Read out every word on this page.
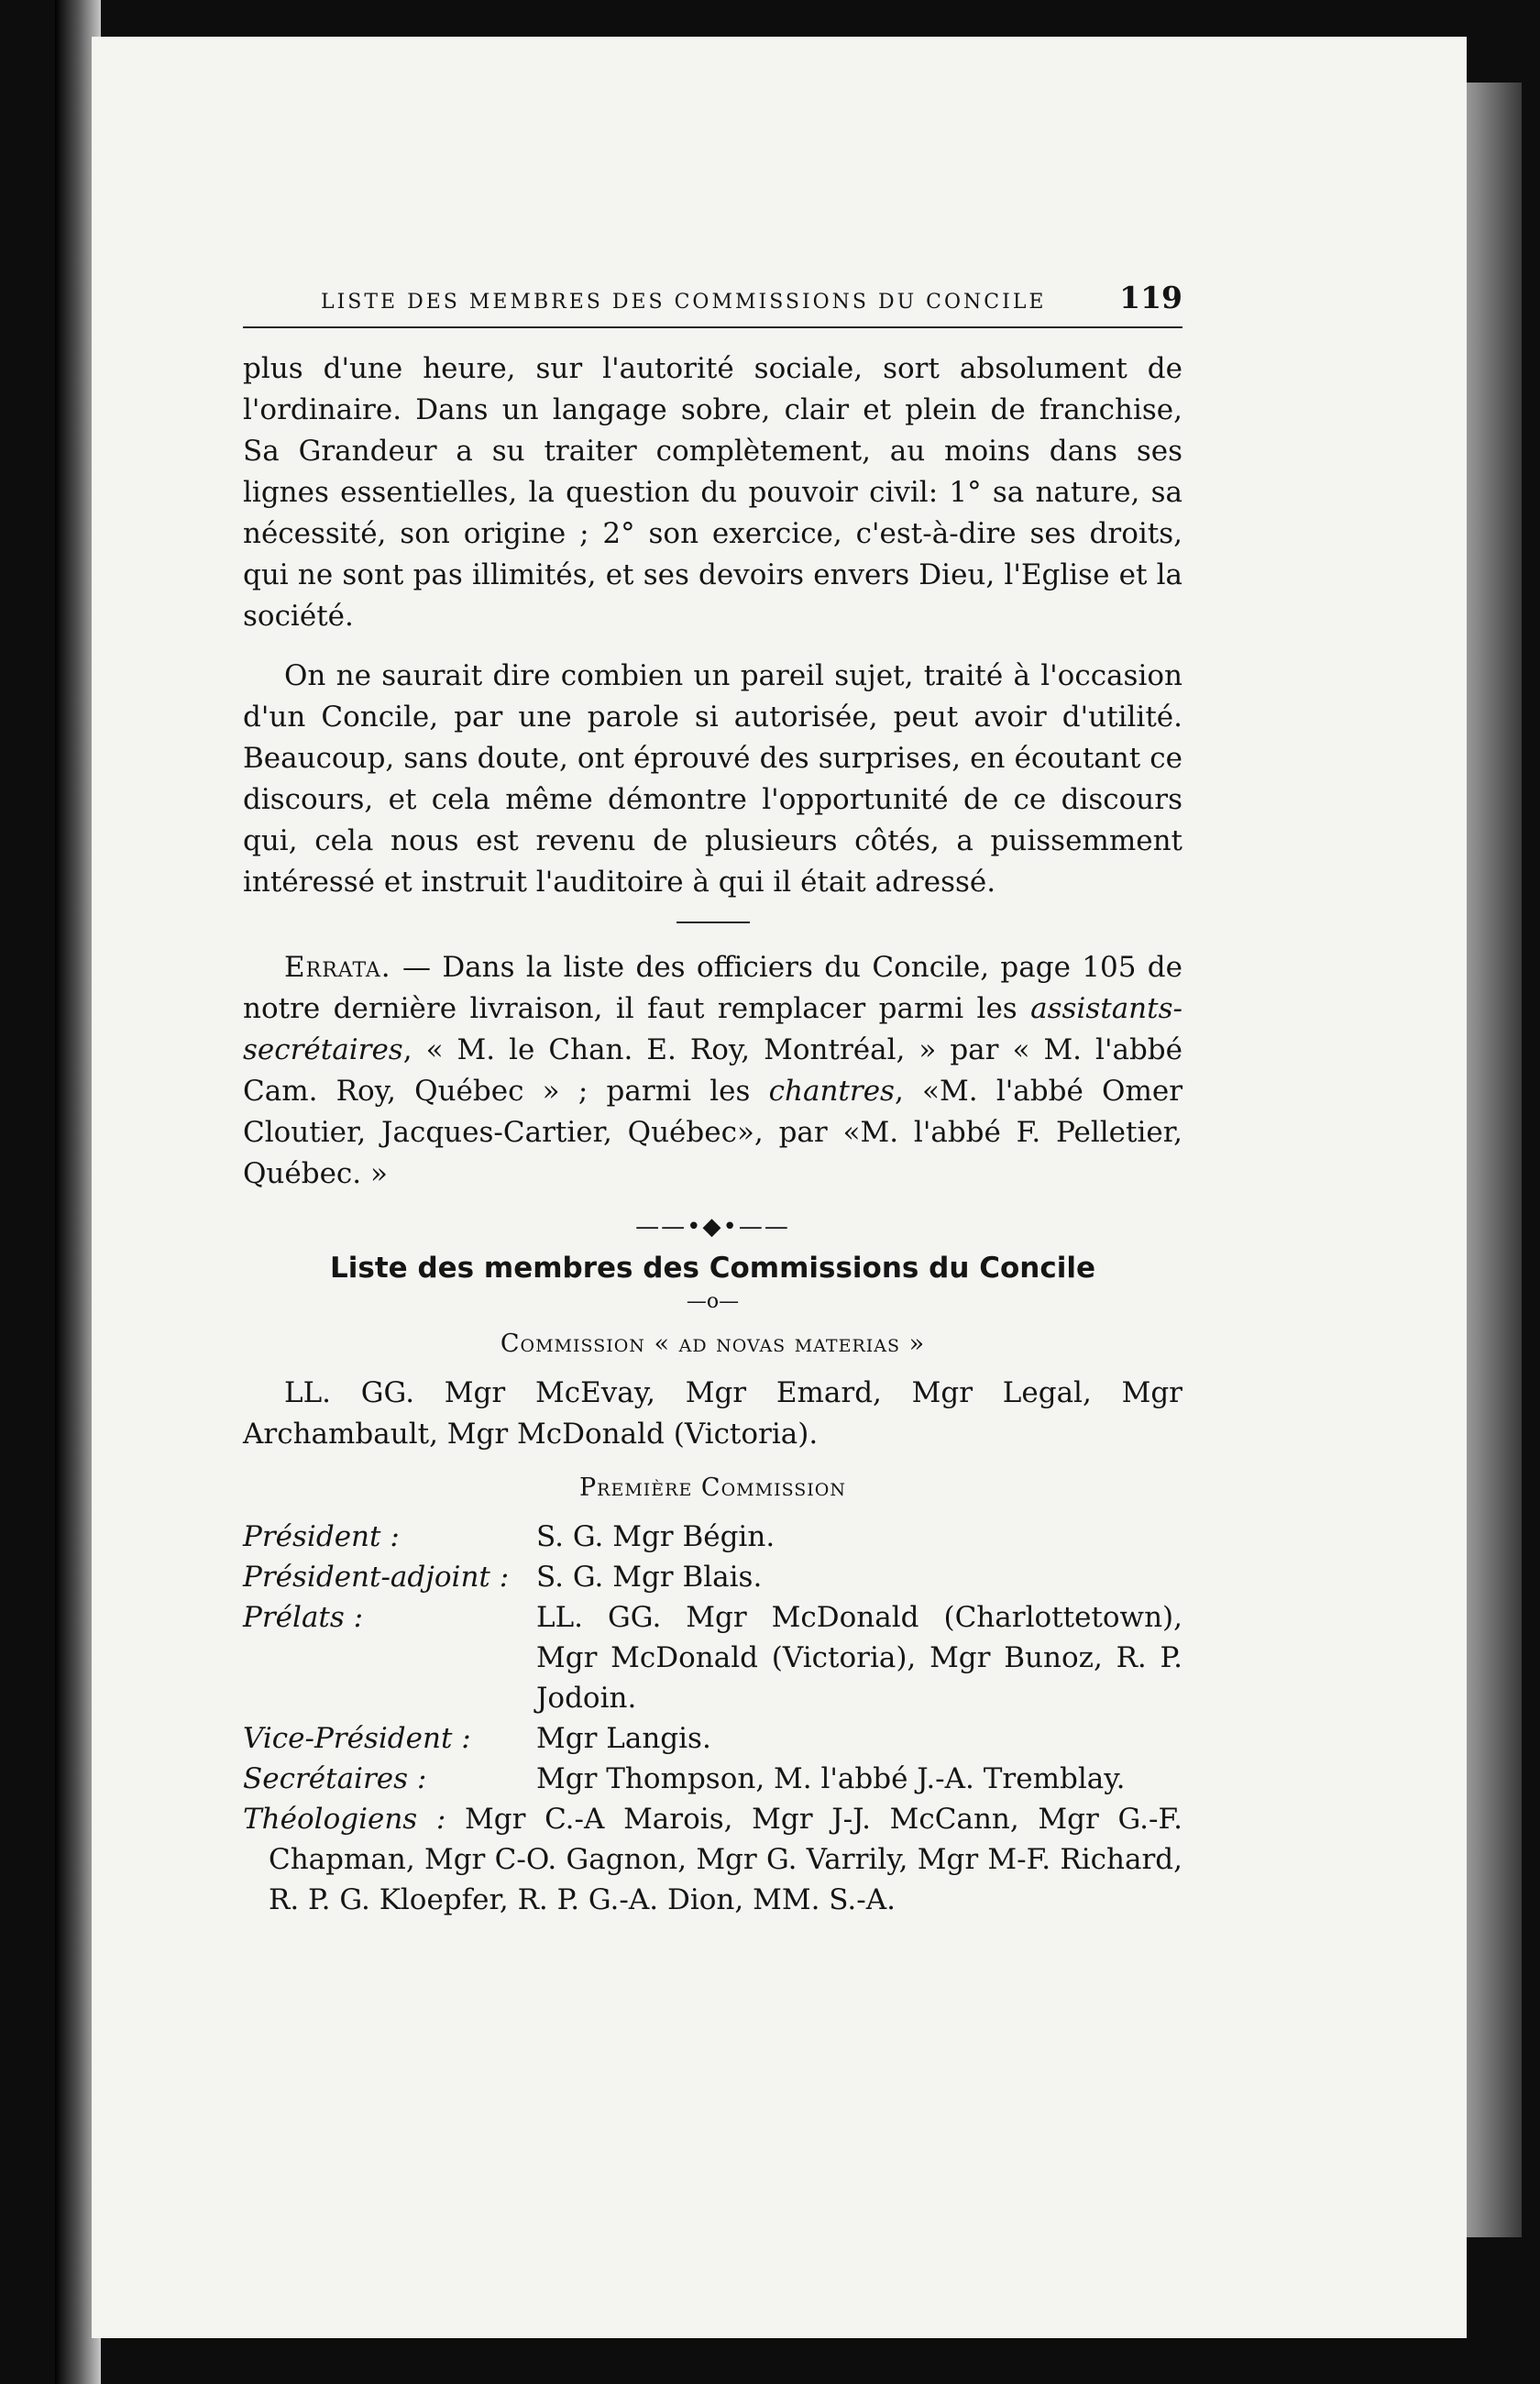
LISTE DES MEMBRES DES COMMISSIONS DU CONCILE 119

plus d'une heure, sur l'autorité sociale, sort absolument de l'ordinaire. Dans un langage sobre, clair et plein de franchise, Sa Grandeur a su traiter complètement, au moins dans ses lignes essentielles, la question du pouvoir civil: 1° sa nature, sa nécessité, son origine ; 2° son exercice, c'est-à-dire ses droits, qui ne sont pas illimités, et ses devoirs envers Dieu, l'Eglise et la société.

On ne saurait dire combien un pareil sujet, traité à l'occasion d'un Concile, par une parole si autorisée, peut avoir d'utilité. Beaucoup, sans doute, ont éprouvé des surprises, en écoutant ce discours, et cela même démontre l'opportunité de ce discours qui, cela nous est revenu de plusieurs côtés, a puissemment intéressé et instruit l'auditoire à qui il était adressé.

Errata. — Dans la liste des officiers du Concile, page 105 de notre dernière livraison, il faut remplacer parmi les assistants-secrétaires, « M. le Chan. E. Roy, Montréal, » par « M. l'abbé Cam. Roy, Québec » ; parmi les chantres, «M. l'abbé Omer Cloutier, Jacques-Cartier, Québec», par «M. l'abbé F. Pelletier, Québec. »

——•◆•——
Liste des membres des Commissions du Concile
—o—
Commission « ad novas materias »

LL. GG. Mgr McEvay, Mgr Emard, Mgr Legal, Mgr Archambault, Mgr McDonald (Victoria).

Première Commission
Président :	S. G. Mgr Bégin.
Président-adjoint : S. G. Mgr Blais.
Prélats :	LL. GG. Mgr McDonald (Charlottetown), Mgr McDonald (Victoria), Mgr Bunoz, R. P. Jodoin.
Vice-Président :	Mgr Langis.
Secrétaires :	Mgr Thompson, M. l'abbé J.-A. Tremblay.

Théologiens : Mgr C.-A Marois, Mgr J-J. McCann, Mgr G.-F. Chapman, Mgr C-O. Gagnon, Mgr G. Varrily, Mgr M-F. Richard, R. P. G. Kloepfer, R. P. G.-A. Dion, MM. S.-A.
